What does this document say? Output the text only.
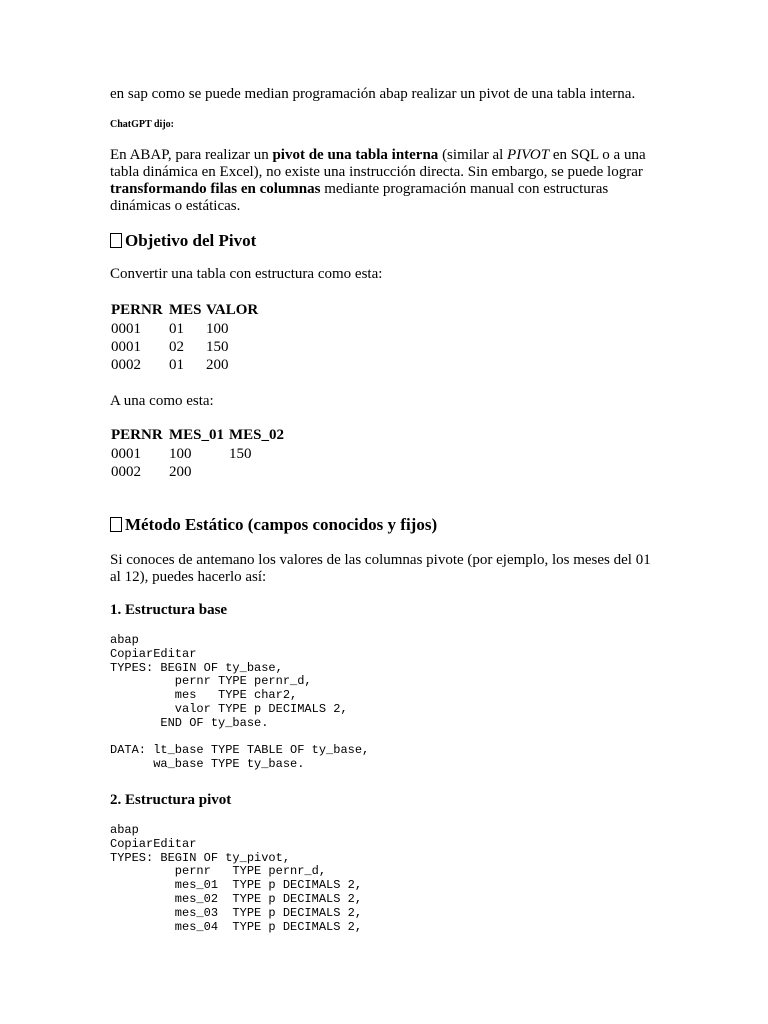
en sap como se puede median programación abap realizar un pivot de una tabla interna.
ChatGPT dijo:
En ABAP, para realizar un pivot de una tabla interna (similar al PIVOT en SQL o a una tabla dinámica en Excel), no existe una instrucción directa. Sin embargo, se puede lograr transformando filas en columnas mediante programación manual con estructuras dinámicas o estáticas.
Objetivo del Pivot
Convertir una tabla con estructura como esta:
PERNR	MES	VALOR
0001	01	100
0001	02	150
0002	01	200
A una como esta:
PERNR	MES_01	MES_02
0001	100	150
0002	200	
Método Estático (campos conocidos y fijos)
Si conoces de antemano los valores de las columnas pivote (por ejemplo, los meses del 01 al 12), puedes hacerlo así:
1. Estructura base
abap
CopiarEditar
TYPES: BEGIN OF ty_base,
pernr TYPE pernr_d,
mes   TYPE char2,
valor TYPE p DECIMALS 2,
END OF ty_base.

DATA: lt_base TYPE TABLE OF ty_base,
wa_base TYPE ty_base.
2. Estructura pivot
abap
CopiarEditar
TYPES: BEGIN OF ty_pivot,
pernr   TYPE pernr_d,
mes_01  TYPE p DECIMALS 2,
mes_02  TYPE p DECIMALS 2,
mes_03  TYPE p DECIMALS 2,
mes_04  TYPE p DECIMALS 2,
